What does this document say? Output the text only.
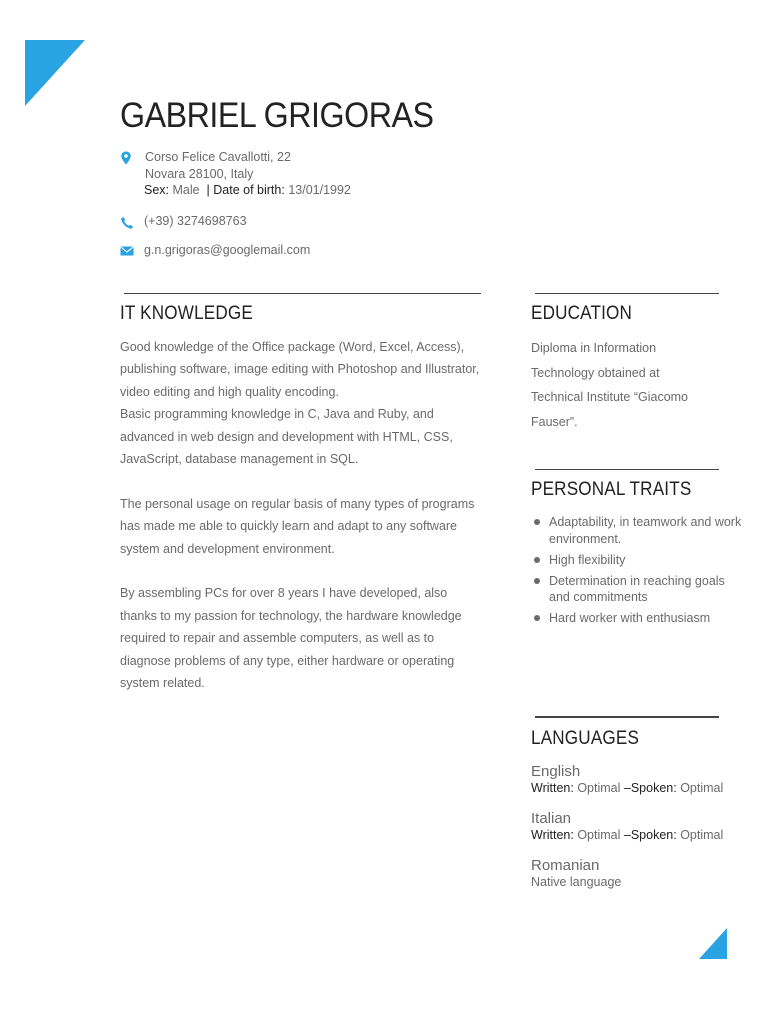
GABRIEL GRIGORAS
Corso Felice Cavallotti, 22
Novara 28100, Italy
Sex: Male | Date of birth: 13/01/1992
(+39) 3274698763
g.n.grigoras@googlemail.com
IT KNOWLEDGE

Good knowledge of the Office package (Word, Excel, Access), publishing software, image editing with Photoshop and Illustrator, video editing and high quality encoding.

Basic programming knowledge in C, Java and Ruby, and advanced in web design and development with HTML, CSS, JavaScript, database management in SQL.

The personal usage on regular basis of many types of programs has made me able to quickly learn and adapt to any software system and development environment.

By assembling PCs for over 8 years I have developed, also thanks to my passion for technology, the hardware knowledge required to repair and assemble computers, as well as to diagnose problems of any type, either hardware or operating system related.

EDUCATION
Diploma in Information Technology obtained at Technical Institute “Giacomo Fauser”.
PERSONAL TRAITS
Adaptability, in teamwork and work environment.
High flexibility
Determination in reaching goals and commitments
Hard worker with enthusiasm
LANGUAGES
English
Written: Optimal –Spoken: Optimal
Italian
Written: Optimal –Spoken: Optimal
Romanian
Native language
